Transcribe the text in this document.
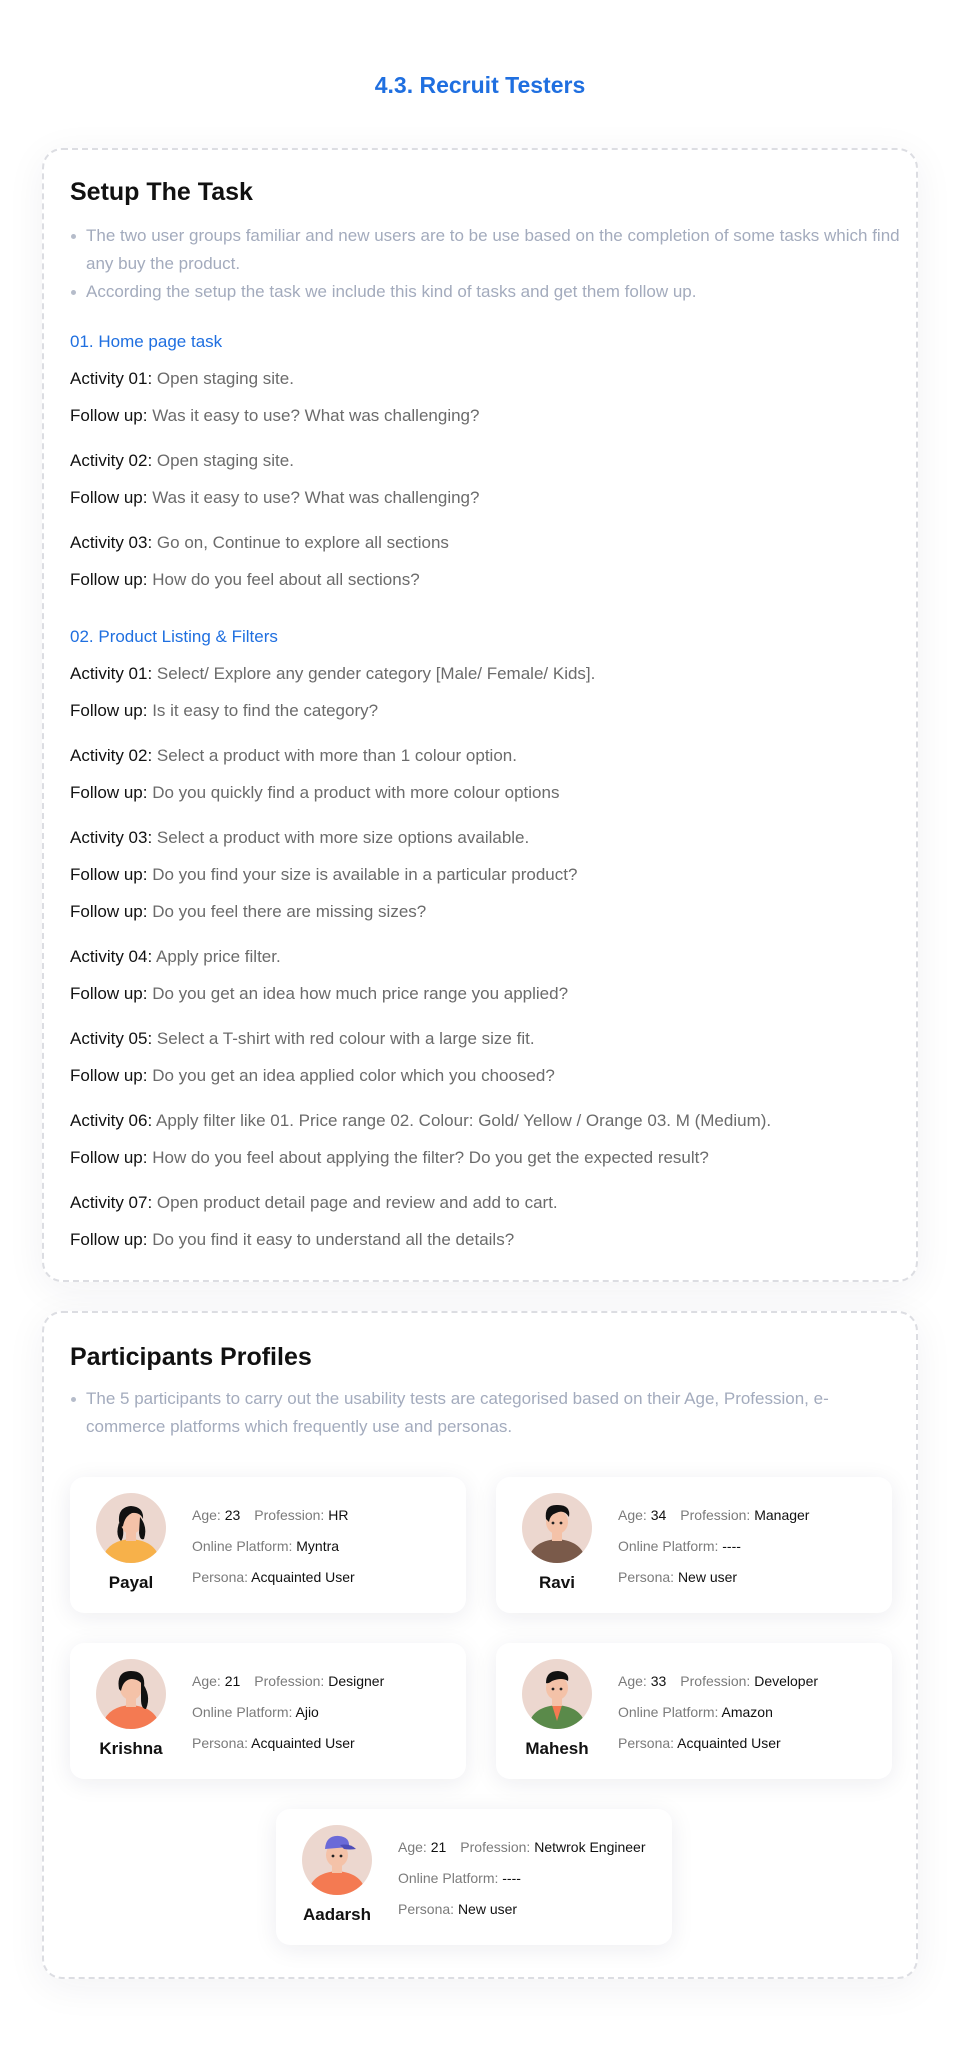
4.3. Recruit Testers
Setup The Task
The two user groups familiar and new users are to be use based on the completion of some tasks which find any buy the product.
According the setup the task we include this kind of tasks and get them follow up.
01. Home page task
Activity 01: Open staging site.
Follow up: Was it easy to use? What was challenging?
Activity 02: Open staging site.
Follow up: Was it easy to use? What was challenging?
Activity 03: Go on, Continue to explore all sections
Follow up: How do you feel about all sections?
02. Product Listing & Filters
Activity 01: Select/ Explore any gender category [Male/ Female/ Kids].
Follow up: Is it easy to find the category?
Activity 02: Select a product with more than 1 colour option.
Follow up: Do you quickly find a product with more colour options
Activity 03: Select a product with more size options available.
Follow up: Do you find your size is available in a particular product?
Follow up: Do you feel there are missing sizes?
Activity 04: Apply price filter.
Follow up: Do you get an idea how much price range you applied?
Activity 05: Select a T-shirt with red colour with a large size fit.
Follow up: Do you get an idea applied color which you choosed?
Activity 06: Apply filter like 01. Price range 02. Colour: Gold/ Yellow / Orange 03. M (Medium).
Follow up: How do you feel about applying the filter? Do you get the expected result?
Activity 07: Open product detail page and review and add to cart.
Follow up: Do you find it easy to understand all the details?
Participants Profiles
The 5 participants to carry out the usability tests are categorised based on their Age, Profession, e-commerce platforms which frequently use and personas.
Payal
Age: 23 Profession: HR
Online Platform: Myntra
Persona: Acquainted User	Ravi
Age: 34 Profession: Manager
Online Platform: ----
Persona: New user
Krishna
Age: 21 Profession: Designer
Online Platform: Ajio
Persona: Acquainted User	Mahesh
Age: 33 Profession: Developer
Online Platform: Amazon
Persona: Acquainted User
Aadarsh
Age: 21 Profession: Netwrok Engineer
Online Platform: ----
Persona: New user
